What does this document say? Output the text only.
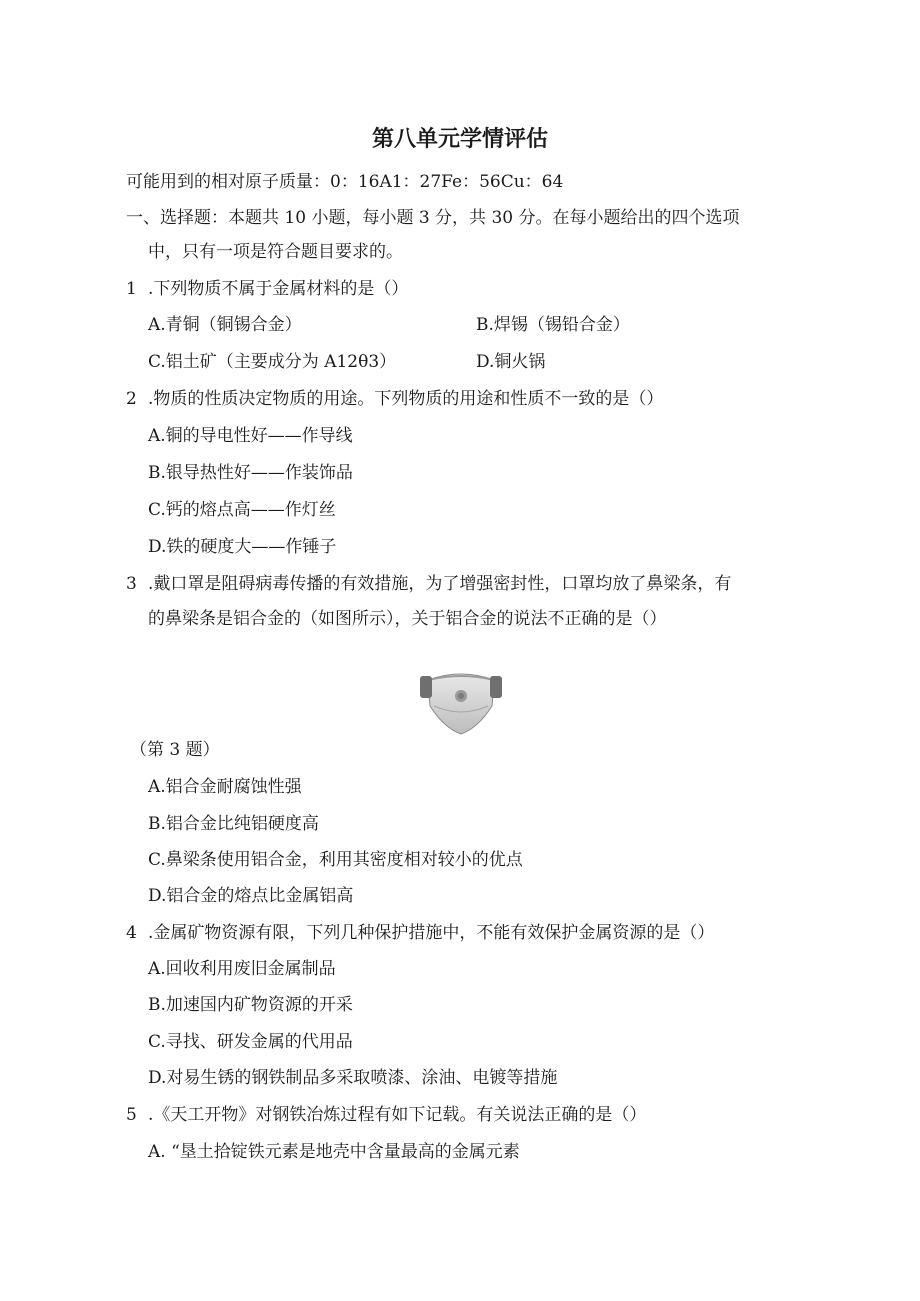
第八单元学情评估
可能用到的相对原子质量：0：16A1：27Fe：56Cu：64
一、选择题：本题共 10 小题，每小题 3 分，共 30 分。在每小题给出的四个选项
中，只有一项是符合题目要求的。
1 .下列物质不属于金属材料的是（）
A.青铜（铜锡合金）	B.焊锡（锡铅合金）
C.铝土矿（主要成分为 A12θ3）	D.铜火锅
2 .物质的性质决定物质的用途。下列物质的用途和性质不一致的是（）
A.铜的导电性好——作导线
B.银导热性好——作装饰品
C.钙的熔点高——作灯丝
D.铁的硬度大——作锤子
3 .戴口罩是阻碍病毒传播的有效措施，为了增强密封性，口罩均放了鼻梁条，有
的鼻梁条是铝合金的（如图所示），关于铝合金的说法不正确的是（）
（第 3 题）
A.铝合金耐腐蚀性强
B.铝合金比纯铝硬度高
C.鼻梁条使用铝合金，利用其密度相对较小的优点
D.铝合金的熔点比金属铝高
4 .金属矿物资源有限，下列几种保护措施中，不能有效保护金属资源的是（）
A.回收利用废旧金属制品
B.加速国内矿物资源的开采
C.寻找、研发金属的代用品
D.对易生锈的钢铁制品多采取喷漆、涂油、电镀等措施
5 .《天工开物》对钢铁冶炼过程有如下记载。有关说法正确的是（）
A. “垦土拾锭铁元素是地壳中含量最高的金属元素
